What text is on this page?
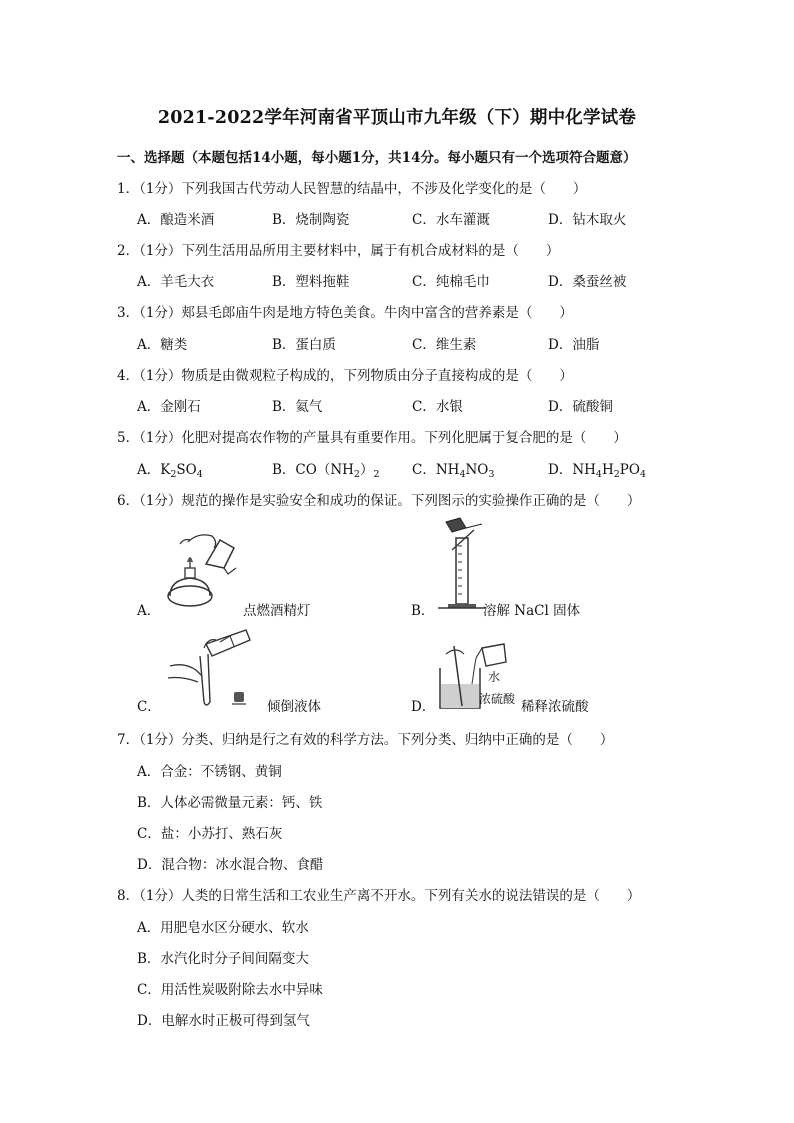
2021-2022学年河南省平顶山市九年级（下）期中化学试卷
一、选择题（本题包括14小题，每小题1分，共14分。每小题只有一个选项符合题意）
1．（1分）下列我国古代劳动人民智慧的结晶中，不涉及化学变化的是（　　）
A．酿造米酒	B．烧制陶瓷	C．水车灌溉	D．钻木取火
2．（1分）下列生活用品所用主要材料中，属于有机合成材料的是（　　）
A．羊毛大衣	B．塑料拖鞋	C．纯棉毛巾	D．桑蚕丝被
3．（1分）郏县毛郎庙牛肉是地方特色美食。牛肉中富含的营养素是（　　）
A．糖类	B．蛋白质	C．维生素	D．油脂
4．（1分）物质是由微观粒子构成的，下列物质由分子直接构成的是（　　）
A．金刚石	B．氦气	C．水银	D．硫酸铜
5．（1分）化肥对提高农作物的产量具有重要作用。下列化肥属于复合肥的是（　　）
A．$K_2SO_4$	B．$CO(NH_2)_2$ C．$NH_4NO_3$	D．$NH_4H_2PO_4$
6．（1分）规范的操作是实验安全和成功的保证。下列图示的实验操作正确的是（　　）
A．	点燃酒精灯	B．	溶解 NaCl 固体
C．	倾倒液体	D．
水
浓硫酸 稀释浓硫酸
7．（1分）分类、归纳是行之有效的科学方法。下列分类、归纳中正确的是（　　）
A．合金：不锈钢、黄铜
B．人体必需微量元素：钙、铁
C．盐：小苏打、熟石灰
D．混合物：冰水混合物、食醋
8．（1分）人类的日常生活和工农业生产离不开水。下列有关水的说法错误的是（　　）
A．用肥皂水区分硬水、软水
B．水汽化时分子间间隔变大
C．用活性炭吸附除去水中异味
D．电解水时正极可得到氢气
